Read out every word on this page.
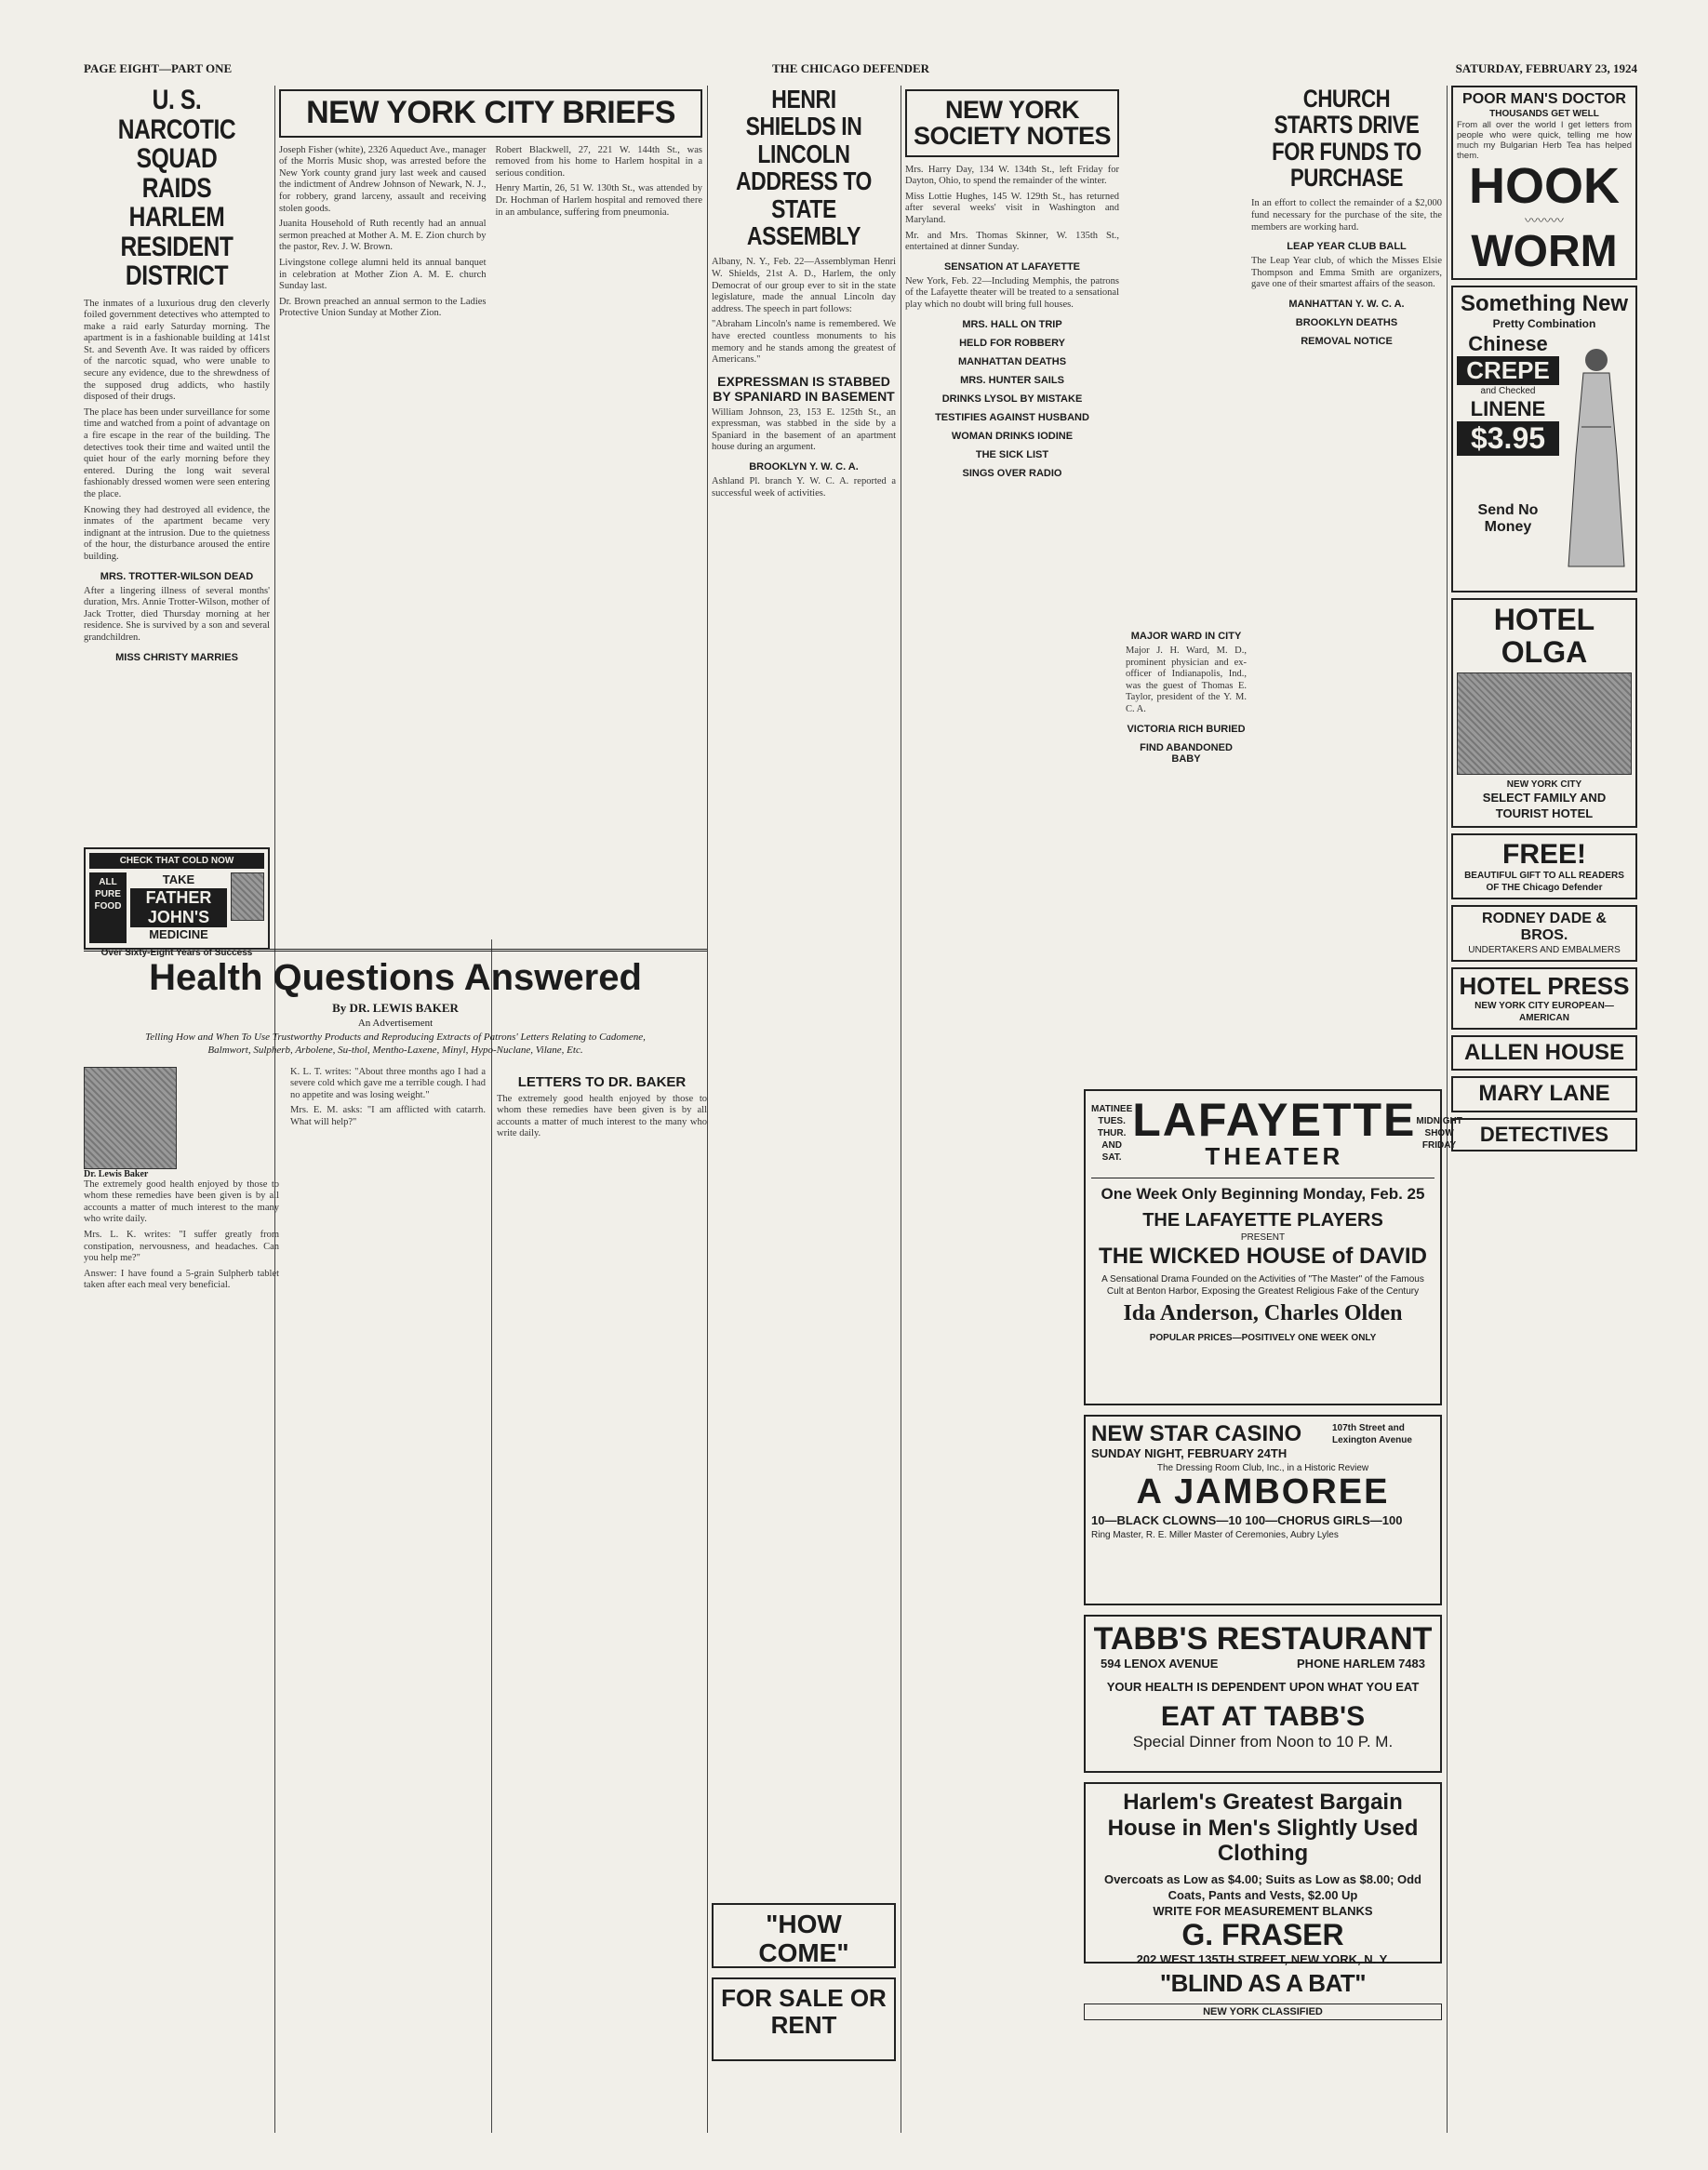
PAGE EIGHT—PART ONE	THE CHICAGO DEFENDER	SATURDAY, FEBRUARY 23, 1924
U. S. NARCOTIC SQUAD RAIDS HARLEM RESIDENT DISTRICT

The inmates of a luxurious drug den cleverly foiled government detectives who attempted to make a raid early Saturday morning. The apartment is in a fashionable building at 141st St. and Seventh Ave. It was raided by officers of the narcotic squad, who were unable to secure any evidence, due to the shrewdness of the supposed drug addicts, who hastily disposed of their drugs.

The place has been under surveillance for some time and watched from a point of advantage on a fire escape in the rear of the building. The detectives took their time and waited until the quiet hour of the early morning before they entered. During the long wait several fashionably dressed women were seen entering the place.

Knowing they had destroyed all evidence, the inmates of the apartment became very indignant at the intrusion. Due to the quietness of the hour, the disturbance aroused the entire building.

MRS. TROTTER-WILSON DEAD

After a lingering illness of several months' duration, Mrs. Annie Trotter-Wilson, mother of Jack Trotter, died Thursday morning at her residence. She is survived by a son and several grandchildren.

MISS CHRISTY MARRIES
CHECK THAT COLD NOW
ALL PURE FOOD
TAKE
FATHER JOHN'S
MEDICINE
Over Sixty-Eight Years of Success
NEW YORK CITY BRIEFS

Joseph Fisher (white), 2326 Aqueduct Ave., manager of the Morris Music shop, was arrested before the New York county grand jury last week and caused the indictment of Andrew Johnson of Newark, N. J., for robbery, grand larceny, assault and receiving stolen goods.

Juanita Household of Ruth recently had an annual sermon preached at Mother A. M. E. Zion church by the pastor, Rev. J. W. Brown.

Livingstone college alumni held its annual banquet in celebration at Mother Zion A. M. E. church Sunday last.

Dr. Brown preached an annual sermon to the Ladies Protective Union Sunday at Mother Zion.

Robert Blackwell, 27, 221 W. 144th St., was removed from his home to Harlem hospital in a serious condition.

Henry Martin, 26, 51 W. 130th St., was attended by Dr. Hochman of Harlem hospital and removed there in an ambulance, suffering from pneumonia.

Health Questions Answered
By DR. LEWIS BAKER
An Advertisement
Telling How and When To Use Trustworthy Products and Reproducing Extracts of Patrons' Letters Relating to Cadomene, Balmwort, Sulpherb, Arbolene, Su-thol, Mentho-Laxene, Minyl, Hypo-Nuclane, Vilane, Etc.
Dr. Lewis Baker

The extremely good health enjoyed by those to whom these remedies have been given is by all accounts a matter of much interest to the many who write daily.

Mrs. L. K. writes: "I suffer greatly from constipation, nervousness, and headaches. Can you help me?"

Answer: I have found a 5-grain Sulpherb tablet taken after each meal very beneficial.

K. L. T. writes: "About three months ago I had a severe cold which gave me a terrible cough. I had no appetite and was losing weight."

Mrs. E. M. asks: "I am afflicted with catarrh. What will help?"

LETTERS TO DR. BAKER

The extremely good health enjoyed by those to whom these remedies have been given is by all accounts a matter of much interest to the many who write daily.

HENRI SHIELDS IN LINCOLN ADDRESS TO STATE ASSEMBLY

Albany, N. Y., Feb. 22—Assemblyman Henri W. Shields, 21st A. D., Harlem, the only Democrat of our group ever to sit in the state legislature, made the annual Lincoln day address. The speech in part follows:

"Abraham Lincoln's name is remembered. We have erected countless monuments to his memory and he stands among the greatest of Americans."

EXPRESSMAN IS STABBED BY SPANIARD IN BASEMENT

William Johnson, 23, 153 E. 125th St., an expressman, was stabbed in the side by a Spaniard in the basement of an apartment house during an argument.

BROOKLYN Y. W. C. A.

Ashland Pl. branch Y. W. C. A. reported a successful week of activities.

"HOW COME"
FOR SALE OR RENT
NEW YORK SOCIETY NOTES

Mrs. Harry Day, 134 W. 134th St., left Friday for Dayton, Ohio, to spend the remainder of the winter.

Miss Lottie Hughes, 145 W. 129th St., has returned after several weeks' visit in Washington and Maryland.

Mr. and Mrs. Thomas Skinner, W. 135th St., entertained at dinner Sunday.

SENSATION AT LAFAYETTE

New York, Feb. 22—Including Memphis, the patrons of the Lafayette theater will be treated to a sensational play which no doubt will bring full houses.

MRS. HALL ON TRIP
HELD FOR ROBBERY
MANHATTAN DEATHS
MRS. HUNTER SAILS
DRINKS LYSOL BY MISTAKE
TESTIFIES AGAINST HUSBAND
WOMAN DRINKS IODINE
THE SICK LIST
SINGS OVER RADIO
MAJOR WARD IN CITY

Major J. H. Ward, M. D., prominent physician and ex-officer of Indianapolis, Ind., was the guest of Thomas E. Taylor, president of the Y. M. C. A.

VICTORIA RICH BURIED
FIND ABANDONED BABY
CHURCH STARTS DRIVE FOR FUNDS TO PURCHASE

In an effort to collect the remainder of a $2,000 fund necessary for the purchase of the site, the members are working hard.

LEAP YEAR CLUB BALL

The Leap Year club, of which the Misses Elsie Thompson and Emma Smith are organizers, gave one of their smartest affairs of the season.

MANHATTAN Y. W. C. A.
BROOKLYN DEATHS
REMOVAL NOTICE
MATINEE TUES. THUR. AND SAT.
LAFAYETTE
THEATER
MIDNIGHT SHOW FRIDAY
One Week Only Beginning Monday, Feb. 25
THE LAFAYETTE PLAYERS
PRESENT
THE WICKED HOUSE of DAVID
A Sensational Drama Founded on the Activities of "The Master" of the Famous Cult at Benton Harbor, Exposing the Greatest Religious Fake of the Century
Ida Anderson, Charles Olden
POPULAR PRICES—POSITIVELY ONE WEEK ONLY
NEW STAR CASINO	107th Street and Lexington Avenue
SUNDAY NIGHT, FEBRUARY 24TH
The Dressing Room Club, Inc., in a Historic Review
A JAMBOREE
10—BLACK CLOWNS—10 100—CHORUS GIRLS—100
Ring Master, R. E. Miller Master of Ceremonies, Aubry Lyles
TABB'S RESTAURANT
594 LENOX AVENUE	PHONE HARLEM 7483
YOUR HEALTH IS DEPENDENT UPON WHAT YOU EAT
EAT AT TABB'S
Special Dinner from Noon to 10 P. M.
Harlem's Greatest Bargain House in Men's Slightly Used Clothing
Overcoats as Low as $4.00; Suits as Low as $8.00; Odd Coats, Pants and Vests, $2.00 Up
WRITE FOR MEASUREMENT BLANKS
G. FRASER
202 WEST 135TH STREET, NEW YORK, N. Y.
"BLIND AS A BAT"
NEW YORK CLASSIFIED
POOR MAN'S DOCTOR
THOUSANDS GET WELL

From all over the world I get letters from people who were quick, telling me how much my Bulgarian Herb Tea has helped them.

HOOK
〰〰〰
WORM
Something New
Pretty Combination
Chinese
CREPE
and Checked
LINENE
$3.95
Send No Money
HOTEL OLGA
NEW YORK CITY
SELECT FAMILY AND TOURIST HOTEL
FREE!
BEAUTIFUL GIFT TO ALL READERS OF THE Chicago Defender
RODNEY DADE & BROS.
UNDERTAKERS AND EMBALMERS
HOTEL PRESS
NEW YORK CITY EUROPEAN—AMERICAN
ALLEN HOUSE
MARY LANE
DETECTIVES
